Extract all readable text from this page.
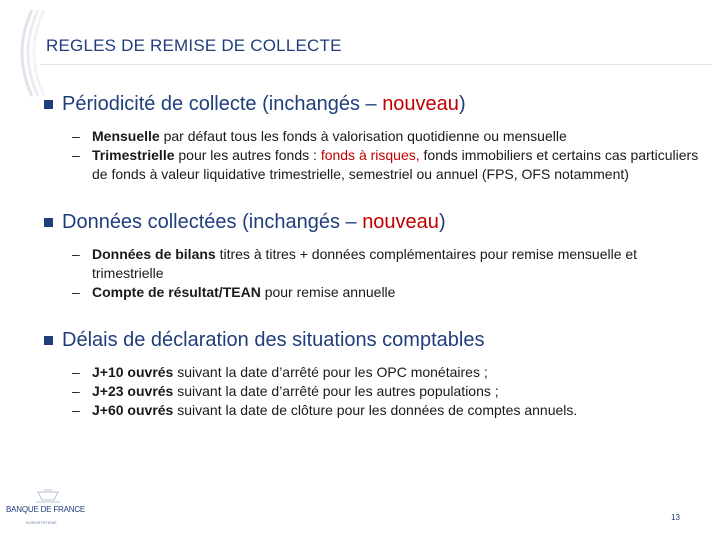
REGLES DE REMISE DE COLLECTE
Périodicité de collecte (inchangés – nouveau)
– Mensuelle par défaut tous les fonds à valorisation quotidienne ou mensuelle
– Trimestrielle pour les autres fonds : fonds à risques, fonds immobiliers et certains cas particuliers de fonds à valeur liquidative trimestrielle, semestriel ou annuel (FPS, OFS notamment)
Données collectées (inchangés – nouveau)
– Données de bilans titres à titres + données complémentaires pour remise mensuelle et trimestrielle
– Compte de résultat/TEAN pour remise annuelle
Délais de déclaration des situations comptables
– J+10 ouvrés suivant la date d’arrêté pour les OPC monétaires ;
– J+23 ouvrés suivant la date d’arrêté pour les autres populations ;
– J+60 ouvrés suivant la date de clôture pour les données de comptes annuels.
BANQUE DE FRANCE
EUROSYSTÈME
13
